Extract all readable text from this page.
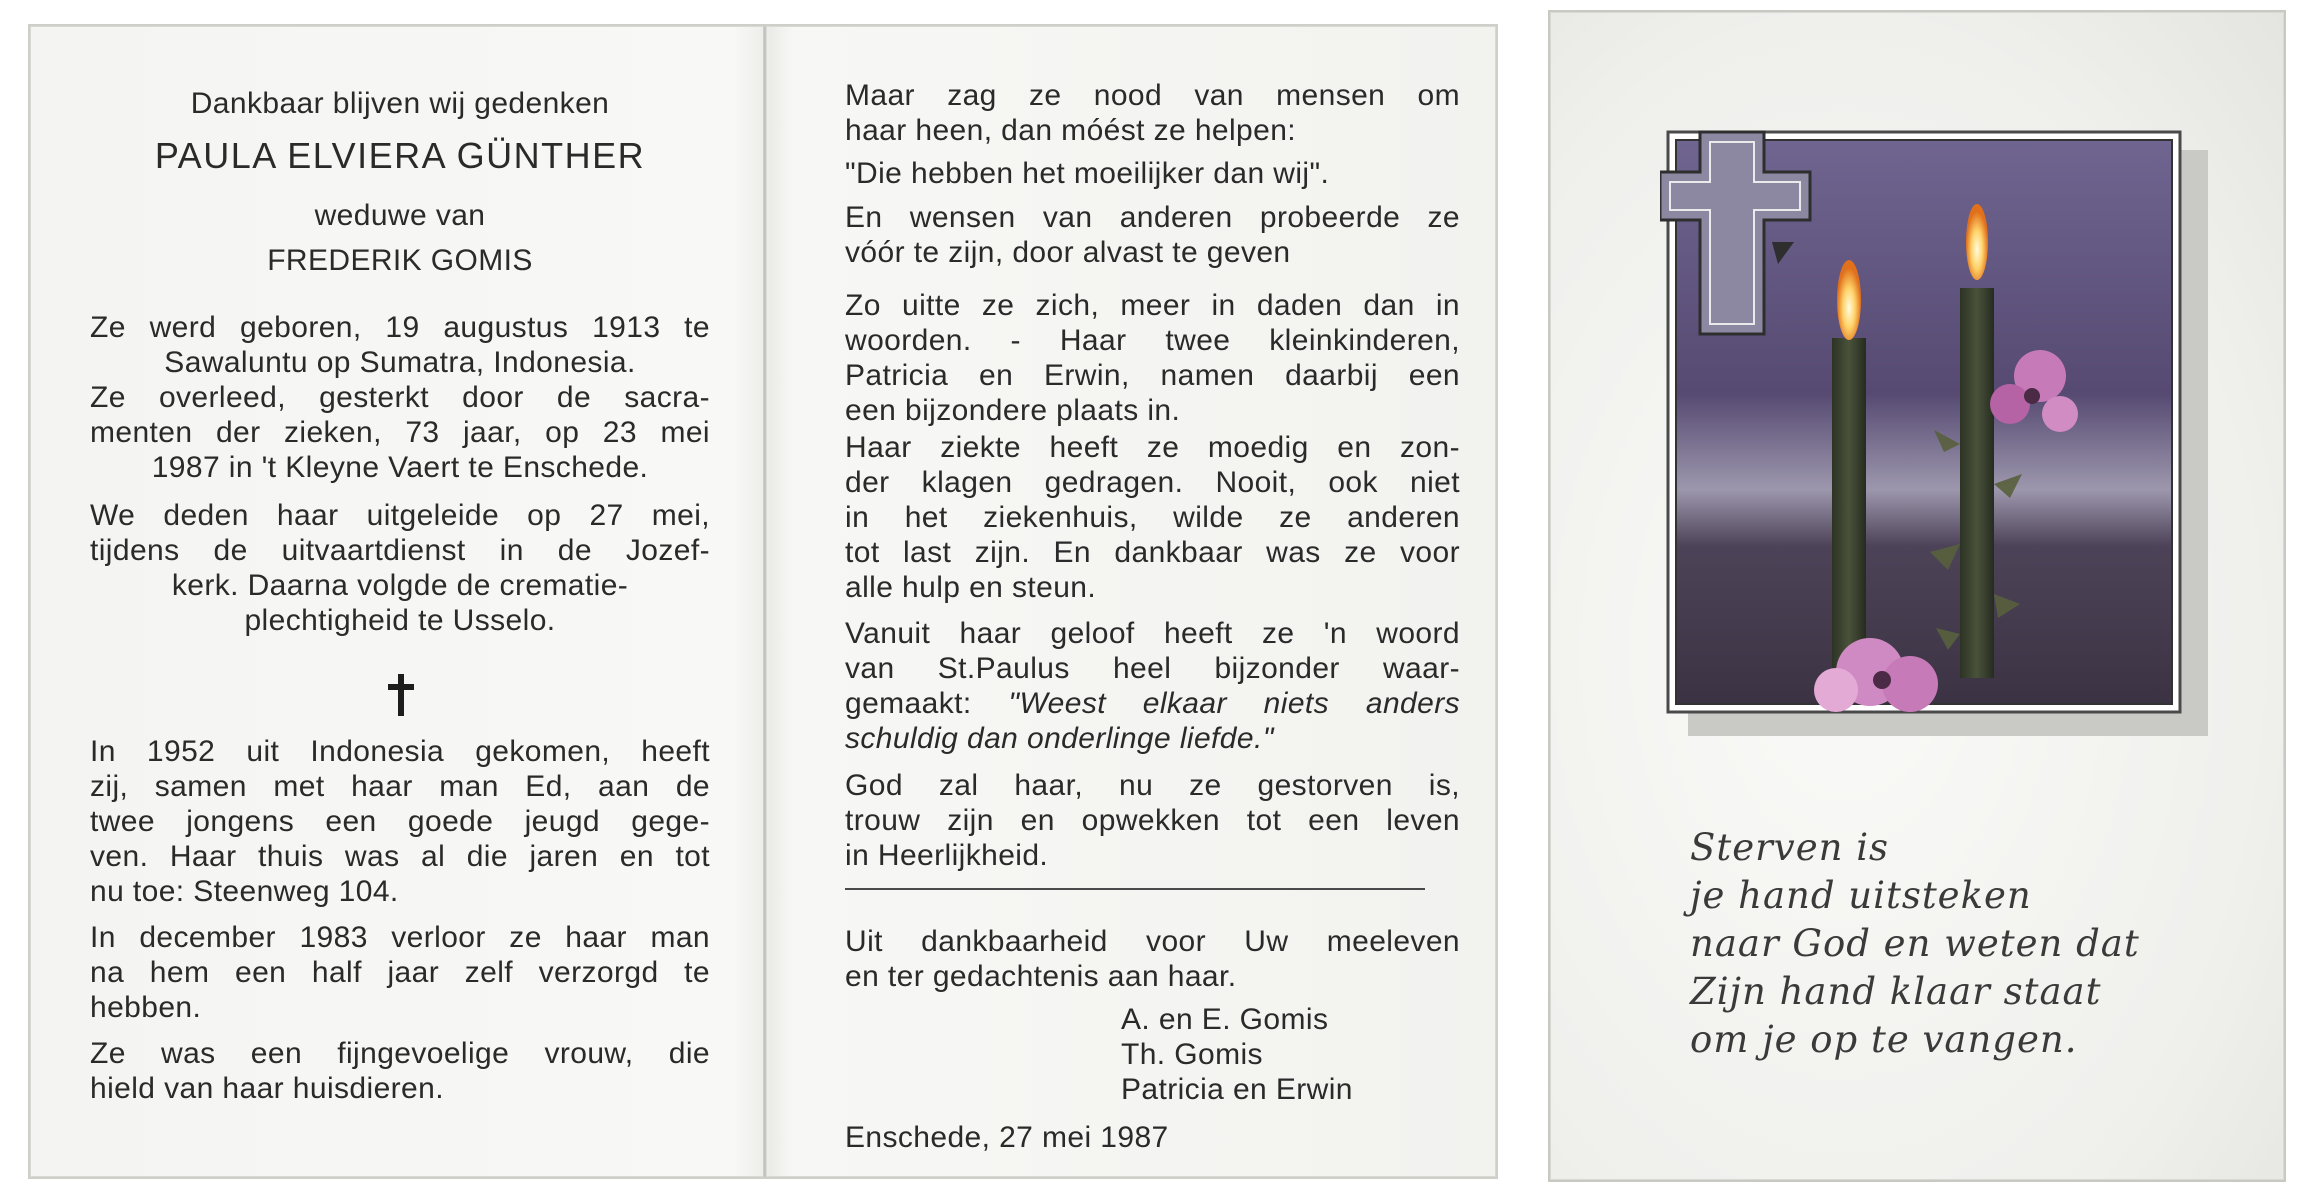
Dankbaar blijven wij gedenken

PAULA ELVIERA GÜNTHER

weduwe van

FREDERIK GOMIS

Ze werd geboren, 19 augustus 1913 te

Sawaluntu op Sumatra, Indonesia.

Ze overleed, gesterkt door de sacra-

menten der zieken, 73 jaar, op 23 mei

1987 in 't Kleyne Vaert te Enschede.

We deden haar uitgeleide op 27 mei,

tijdens de uitvaartdienst in de Jozef-

kerk. Daarna volgde de crematie-

plechtigheid te Usselo.

In 1952 uit Indonesia gekomen, heeft

zij, samen met haar man Ed, aan de

twee jongens een goede jeugd gege-

ven. Haar thuis was al die jaren en tot

nu toe: Steenweg 104.

In december 1983 verloor ze haar man

na hem een half jaar zelf verzorgd te

hebben.

Ze was een fijngevoelige vrouw, die

hield van haar huisdieren.

Maar zag ze nood van mensen om

haar heen, dan móést ze helpen:

"Die hebben het moeilijker dan wij".

En wensen van anderen probeerde ze

vóór te zijn, door alvast te geven

Zo uitte ze zich, meer in daden dan in

woorden. - Haar twee kleinkinderen,

Patricia en Erwin, namen daarbij een

een bijzondere plaats in.

Haar ziekte heeft ze moedig en zon-

der klagen gedragen. Nooit, ook niet

in het ziekenhuis, wilde ze anderen

tot last zijn. En dankbaar was ze voor

alle hulp en steun.

Vanuit haar geloof heeft ze 'n woord

van St.Paulus heel bijzonder waar-

gemaakt: "Weest elkaar niets anders

schuldig dan onderlinge liefde."

God zal haar, nu ze gestorven is,

trouw zijn en opwekken tot een leven

in Heerlijkheid.

Uit dankbaarheid voor Uw meeleven

en ter gedachtenis aan haar.

A. en E. Gomis

Th. Gomis

Patricia en Erwin

Enschede, 27 mei 1987

Sterven is
je hand uitsteken
naar God en weten dat
Zijn hand klaar staat
om je op te vangen.
